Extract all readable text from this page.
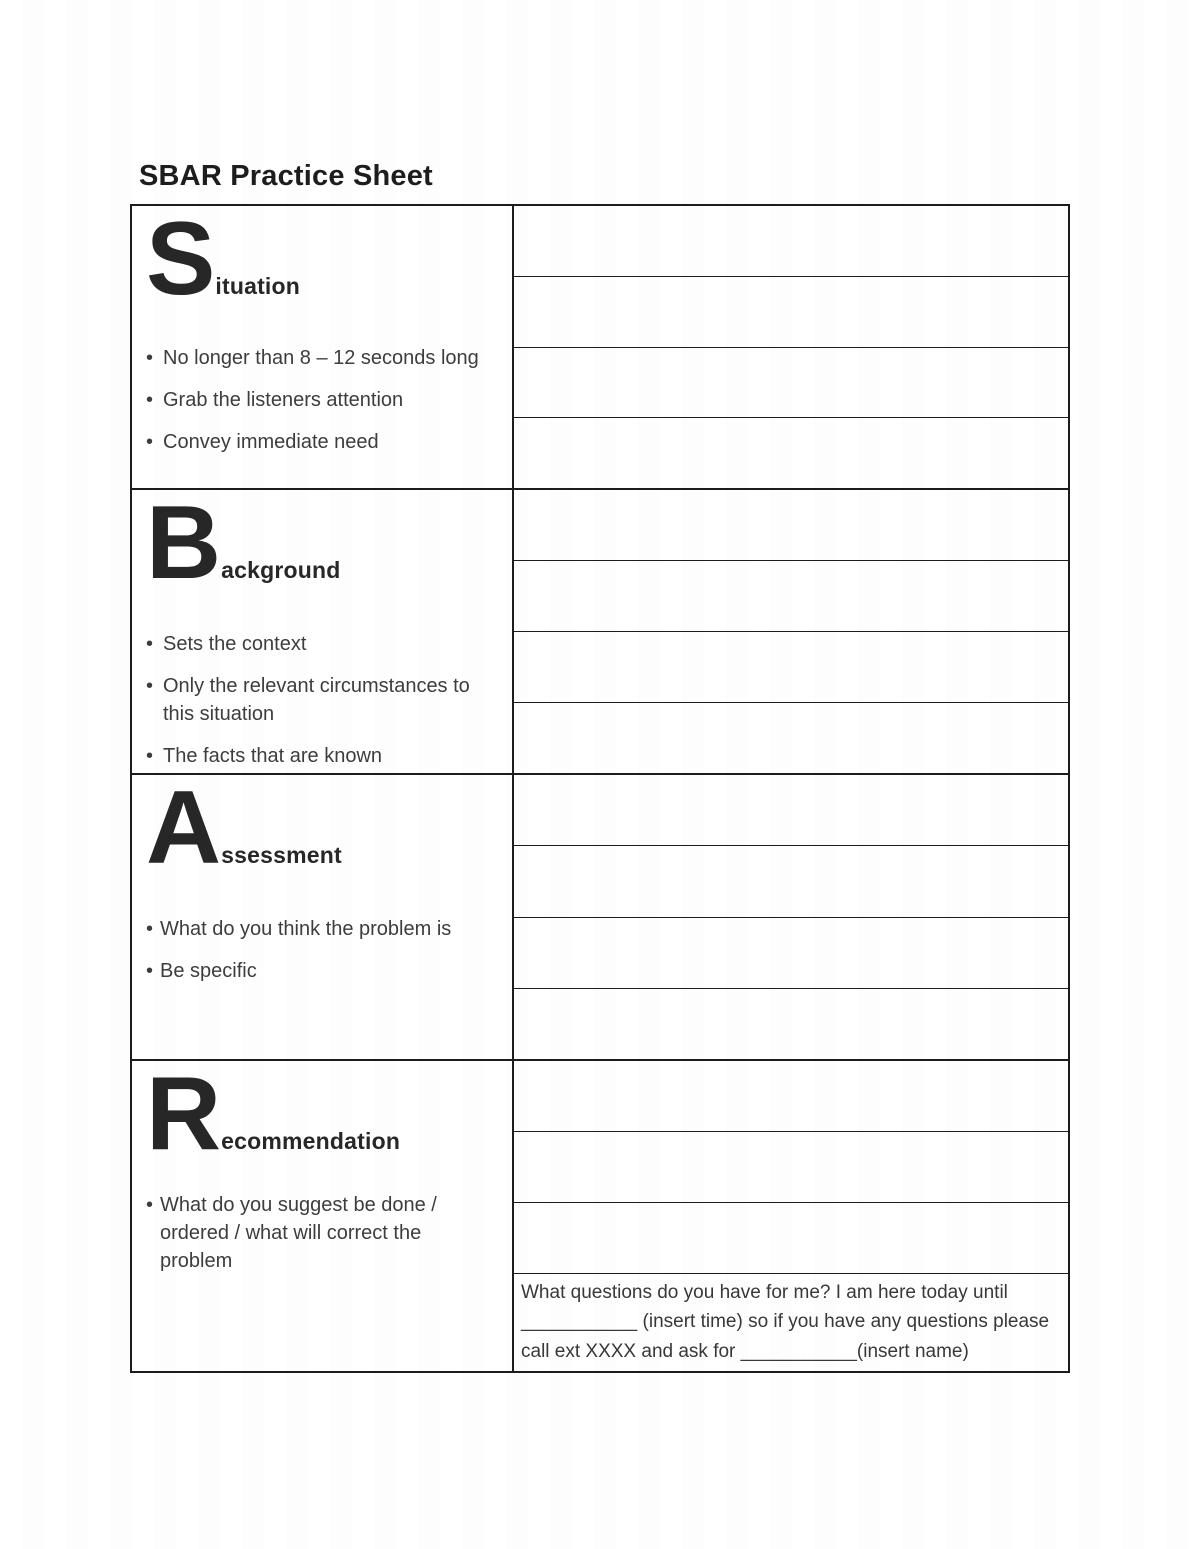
SBAR Practice Sheet
S ituation
• No longer than 8 – 12 seconds long
• Grab the listeners attention
• Convey immediate need
B ackground
• Sets the context
• Only the relevant circumstances to this situation
• The facts that are known
A ssessment
• What do you think the problem is
• Be specific
R ecommendation
• What do you suggest be done / ordered / what will correct the problem

What questions do you have for me? I am here today until ___________ (insert time) so if you have any questions please call ext XXXX and ask for ___________(insert name)
